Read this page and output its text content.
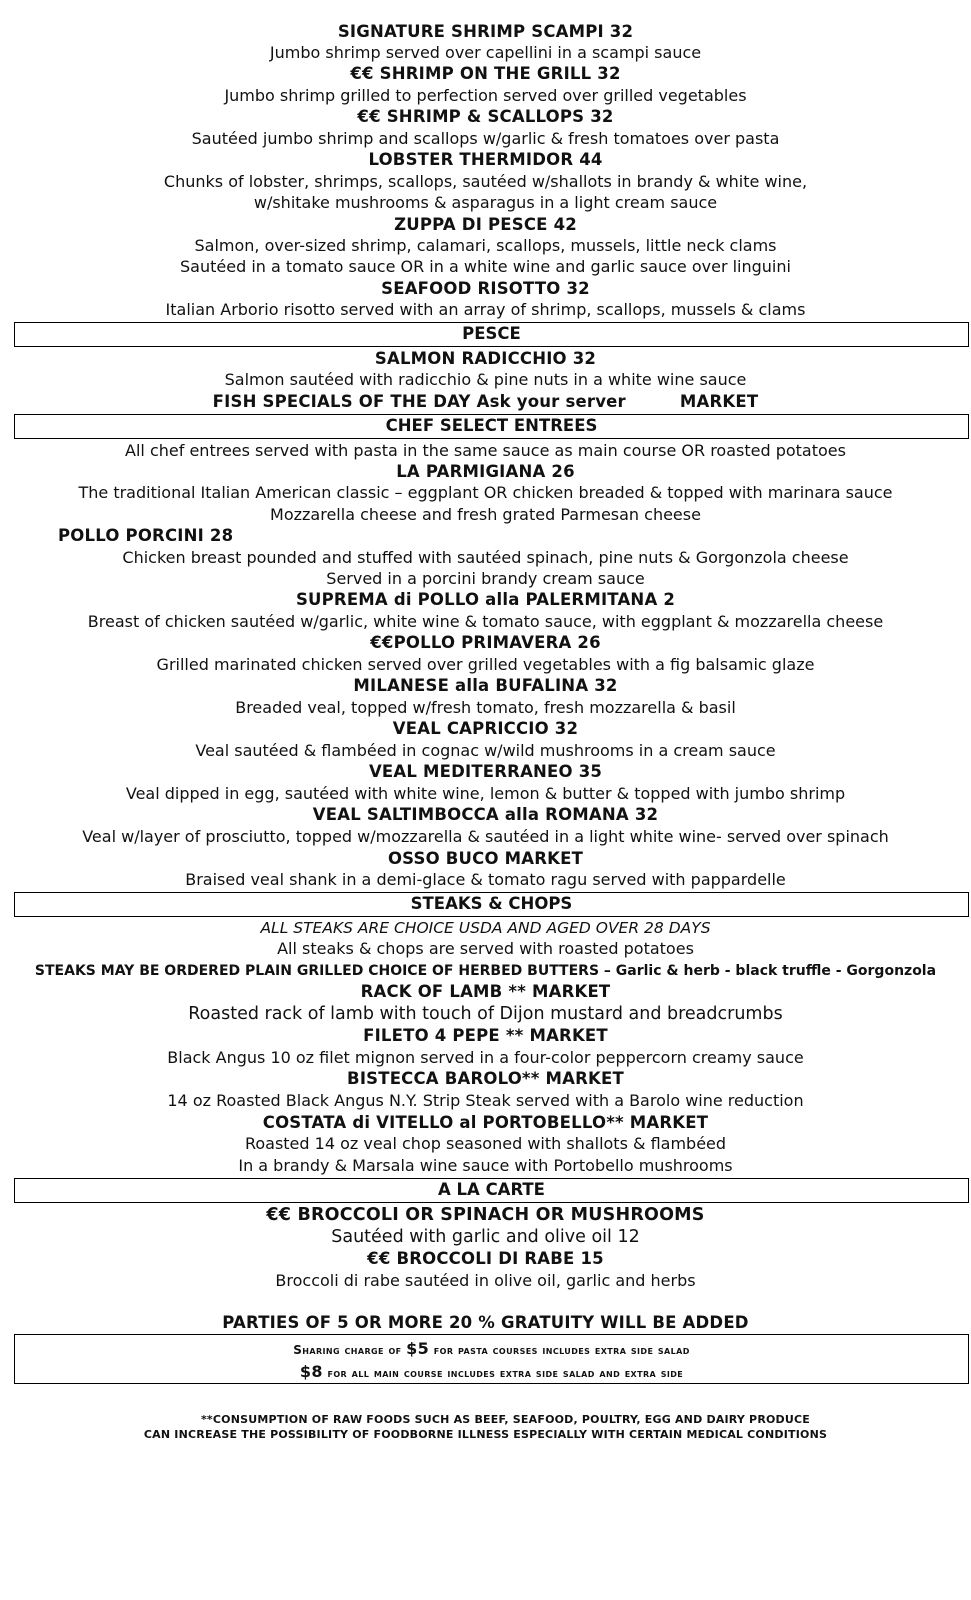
SIGNATURE SHRIMP SCAMPI 32

Jumbo shrimp served over capellini in a scampi sauce

€€ SHRIMP ON THE GRILL 32

Jumbo shrimp grilled to perfection served over grilled vegetables

€€ SHRIMP & SCALLOPS 32

Sautéed jumbo shrimp and scallops w/garlic & fresh tomatoes over pasta

LOBSTER THERMIDOR 44

Chunks of lobster, shrimps, scallops, sautéed w/shallots in brandy & white wine,

w/shitake mushrooms & asparagus in a light cream sauce

ZUPPA DI PESCE 42

Salmon, over-sized shrimp, calamari, scallops, mussels, little neck clams

Sautéed in a tomato sauce OR in a white wine and garlic sauce over linguini

SEAFOOD RISOTTO 32

Italian Arborio risotto served with an array of shrimp, scallops, mussels & clams

PESCE

SALMON RADICCHIO 32

Salmon sautéed with radicchio & pine nuts in a white wine sauce

FISH SPECIALS OF THE DAY Ask your server	MARKET

CHEF SELECT ENTREES

All chef entrees served with pasta in the same sauce as main course OR roasted potatoes

LA PARMIGIANA 26

The traditional Italian American classic – eggplant OR chicken breaded & topped with marinara sauce

Mozzarella cheese and fresh grated Parmesan cheese

POLLO PORCINI 28

Chicken breast pounded and stuffed with sautéed spinach, pine nuts & Gorgonzola cheese

Served in a porcini brandy cream sauce

SUPREMA di POLLO alla PALERMITANA 2

Breast of chicken sautéed w/garlic, white wine & tomato sauce, with eggplant & mozzarella cheese

€€POLLO PRIMAVERA 26

Grilled marinated chicken served over grilled vegetables with a fig balsamic glaze

MILANESE alla BUFALINA 32

Breaded veal, topped w/fresh tomato, fresh mozzarella & basil

VEAL CAPRICCIO 32

Veal sautéed & flambéed in cognac w/wild mushrooms in a cream sauce

VEAL MEDITERRANEO 35

Veal dipped in egg, sautéed with white wine, lemon & butter & topped with jumbo shrimp

VEAL SALTIMBOCCA alla ROMANA 32

Veal w/layer of prosciutto, topped w/mozzarella & sautéed in a light white wine- served over spinach

OSSO BUCO MARKET

Braised veal shank in a demi-glace & tomato ragu served with pappardelle

STEAKS & CHOPS

ALL STEAKS ARE CHOICE USDA AND AGED OVER 28 DAYS

All steaks & chops are served with roasted potatoes

STEAKS MAY BE ORDERED PLAIN GRILLED CHOICE OF HERBED BUTTERS – Garlic & herb - black truffle - Gorgonzola

RACK OF LAMB ** MARKET

Roasted rack of lamb with touch of Dijon mustard and breadcrumbs

FILETO 4 PEPE ** MARKET

Black Angus 10 oz filet mignon served in a four-color peppercorn creamy sauce

BISTECCA BAROLO** MARKET

14 oz Roasted Black Angus N.Y. Strip Steak served with a Barolo wine reduction

COSTATA di VITELLO al PORTOBELLO** MARKET

Roasted 14 oz veal chop seasoned with shallots & flambéed

In a brandy & Marsala wine sauce with Portobello mushrooms

A LA CARTE

€€ BROCCOLI OR SPINACH OR MUSHROOMS

Sautéed with garlic and olive oil 12

€€ BROCCOLI DI RABE 15

Broccoli di rabe sautéed in olive oil, garlic and herbs

PARTIES OF 5 OR MORE 20 % GRATUITY WILL BE ADDED

Sharing charge of $5 for pasta courses includes extra side salad

$8 for all main course includes extra side salad and extra side

**CONSUMPTION OF RAW FOODS SUCH AS BEEF, SEAFOOD, POULTRY, EGG AND DAIRY PRODUCE

CAN INCREASE THE POSSIBILITY OF FOODBORNE ILLNESS ESPECIALLY WITH CERTAIN MEDICAL CONDITIONS
